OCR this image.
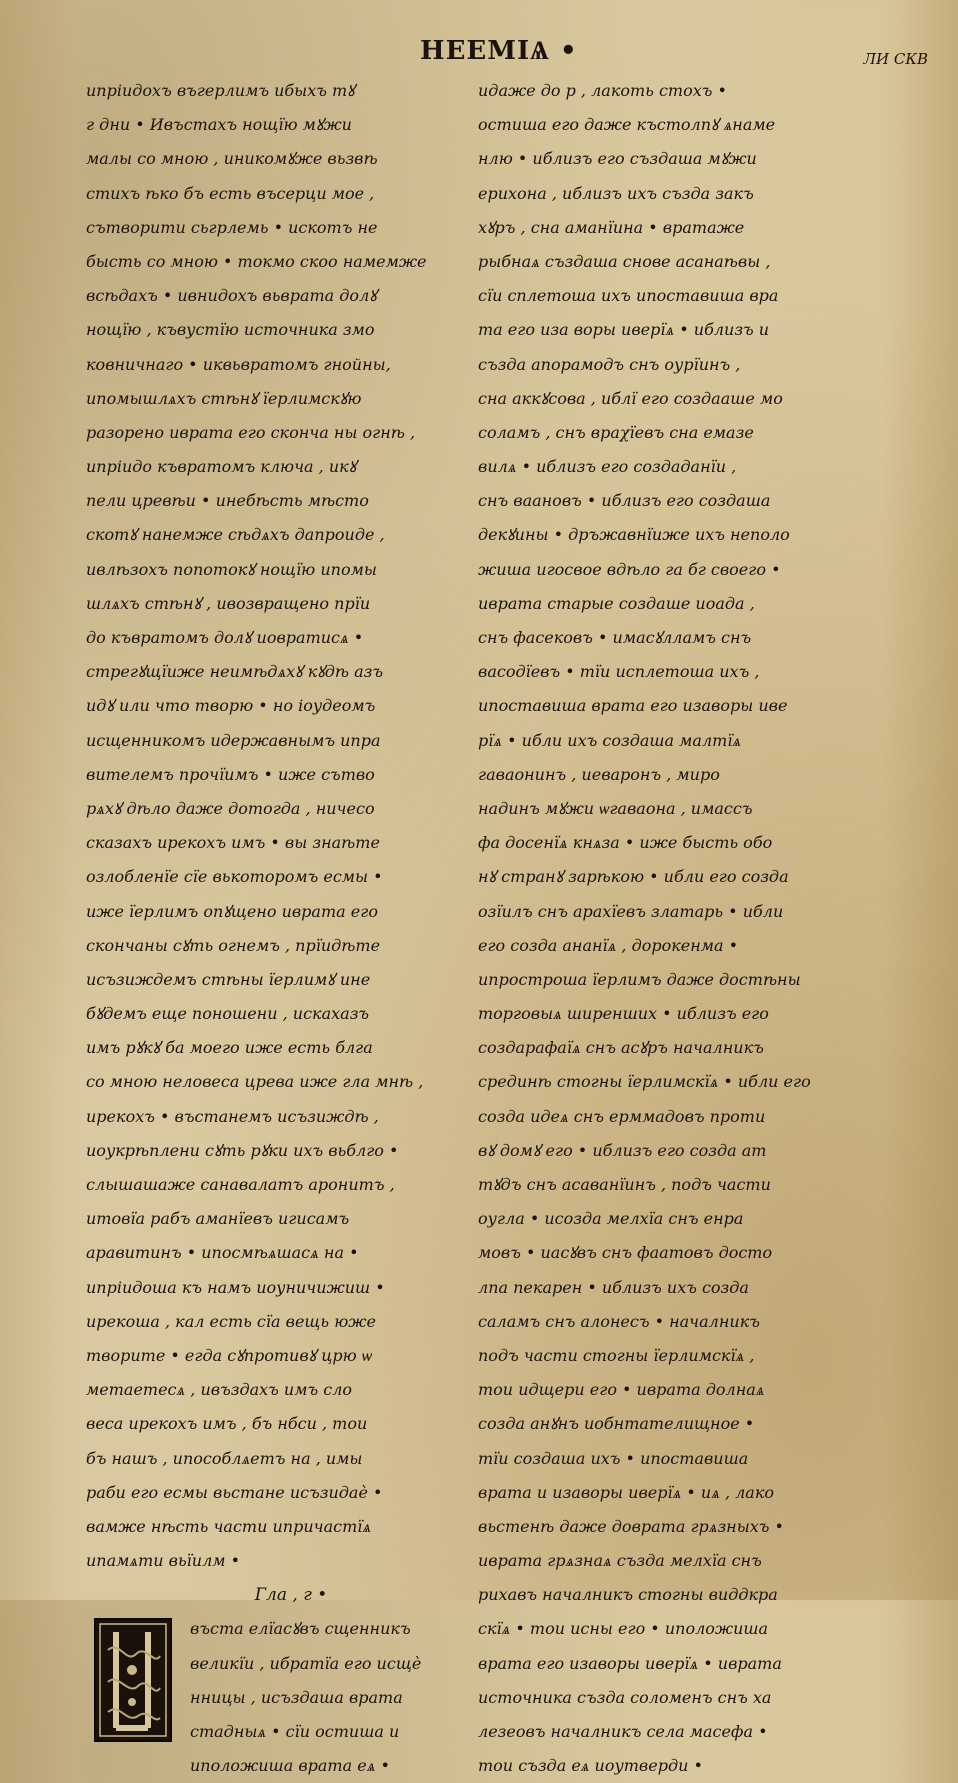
НЕЕМІѦ •	ЛИ СКВ
ипріидохъ въгерлимъ ибыхъ тꙋ
г дни • Ивъстахъ нощїю мꙋжи
малы со мною , иникомꙋже вьзвѣ
стихъ ѣко бъ есть въсерци мое ,
сътворити сьгрлемь • искотъ не
бысть со мною • токмо скоо намемже
всѣдахъ • ивнидохъ вьврата долꙋ
нощїю , къвустїю источника змо
ковничнаго • иквьвратомъ гнойны,
ипомышлѧхъ стѣнꙋ ïерлимскꙋю
разорено иврата его сконча ны огнѣ ,
ипріидо къвратомъ ключа , икꙋ
пели цревѣи • инебѣсть мѣсто
скотꙋ нанемже сѣдѧхъ дапроиде ,
ивлѣзохъ попотокꙋ нощїю ипомы
шлѧхъ стѣнꙋ , ивозвращено прїи
до къвратомъ долꙋ иовратисѧ •
стрегꙋщїиже неимѣдѧхꙋ кꙋдѣ азъ
идꙋ или что творю • но іоудеомъ
исщенникомъ идержавнымъ ипра
вителемъ прочїимъ • иже сътво
рѧхꙋ дѣло даже дотогда , ничесо
сказахъ ирекохъ имъ • вы знаѣте
озлобленїе сїе вькоторомъ есмы •
иже ïерлимъ опꙋщено иврата его
скончаны сꙋть огнемъ , прїидѣте
исъзиждемъ стѣны ïерлимꙋ ине
бꙋдемъ еще поношени , искахазъ
имъ рꙋкꙋ ба моего иже есть блга
со мною неловеса црева иже гла мнѣ ,
ирекохъ • въстанемъ исъзиждѣ ,
иоукрѣплени сꙋть рꙋки ихъ вьблго •
слышашаже санавалатъ аронитъ ,
итовїа рабъ аманїевъ игисамъ
аравитинъ • ипосмѣѧшасѧ на •
ипріидоша къ намъ иоуничижиш •
ирекоша , кал есть сїа вещь юже
творите • егда сꙋпротивꙋ црю ѡ
метаетесѧ , ивъздахъ имъ сло
веса ирекохъ имъ , бъ нбси , тои
бъ нашъ , ипособлѧетъ на , имы
раби его есмы вьстане исъзидаѐ •
вамже нѣсть части ипричастїѧ
ипамѧти вьїилм •
Гла , г •
въста елїасꙋвъ сщенникъ
великїи , ибратїа его исщѐ
нницы , исъздаша врата
стадныѧ • сїи остиша и
иположиша врата еѧ •
идаже до р , лакоть стохъ •
остиша его даже къстолпꙋ ѧнаме
нлю • иблизъ его създаша мꙋжи
ерихона , иблизъ ихъ създа закъ
хꙋръ , сна аманїина • вратаже
рыбнаѧ създаша снове асанаѣвы ,
сїи сплетоша ихъ ипоставиша вра
та его иза воры иверїѧ • иблизъ и
създа апорамодъ снъ оурїинъ ,
сна аккꙋсова , иблї его создааше мо
соламъ , снъ враχїевъ сна емазе
вилѧ • иблизъ его создаданїи ,
снъ ваановъ • иблизъ его создаша
декꙋины • дръжавнїиже ихъ неполо
жиша игосвое вдѣло га бг своего •
иврата старые создаше иоада ,
снъ фасековъ • имасꙋлламъ снъ
васодїевъ • тїи исплетоша ихъ ,
ипоставиша врата его изаворы иве
рїѧ • ибли ихъ создаша малтїѧ
гаваонинъ , иеваронъ , миро
надинъ мꙋжи ѡгаваона , имассъ
фа досенїѧ кнѧза • иже бысть обо
нꙋ странꙋ зарѣкою • ибли его созда
озїилъ снъ арахїевъ златарь • ибли
его созда ананїѧ , дорокенма •
ипростроша ïерлимъ даже достѣны
торговыѧ ширенших • иблизъ его
создарафаїѧ снъ асꙋръ началникъ
срединѣ стогны ïерлимскїѧ • ибли его
созда идеѧ снъ ерммадовъ проти
вꙋ домꙋ его • иблизъ его созда ат
тꙋдъ снъ асаванїинъ , подъ части
оугла • исозда мелхїа снъ енра
мовъ • иасꙋвъ снъ фаатовъ досто
лпа пекарен • иблизъ ихъ созда
саламъ снъ алонесъ • началникъ
подъ части стогны ïерлимскїѧ ,
тои идщери его • иврата долнаѧ
созда анꙋнъ иобнтателищное •
тїи создаша ихъ • ипоставиша
врата и изаворы иверїѧ • иѧ , лако
вьстенѣ даже доврата грѧзныхъ •
иврата грѧзнаѧ създа мелхїа снъ
рихавъ началникъ стогны виддкра
скїѧ • тои исны его • иположиша
врата его изаворы иверїѧ • иврата
источника създа соломенъ снъ ха
лезеовъ началникъ села масефа •
тои създа еѧ иоутверди •
